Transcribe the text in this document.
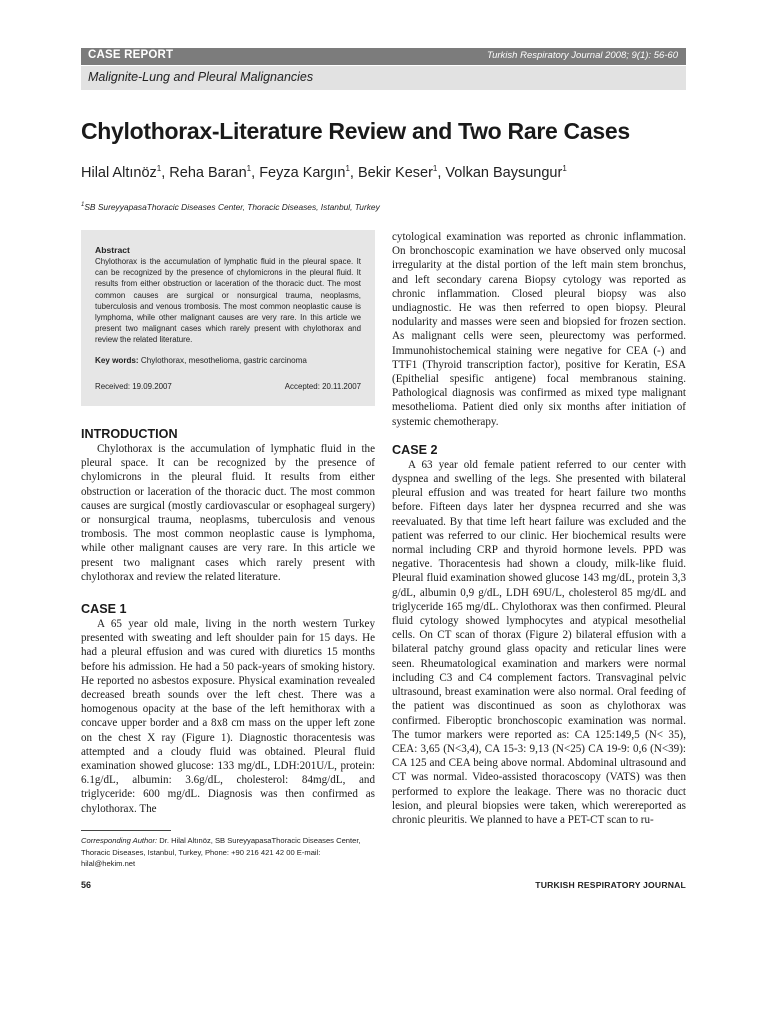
CASE REPORT	Turkish Respiratory Journal 2008; 9(1): 56-60
Malignite-Lung and Pleural Malignancies
Chylothorax-Literature Review and Two Rare Cases
Hilal Altınöz$^1$, Reha Baran$^1$, Feyza Kargın$^1$, Bekir Keser$^1$, Volkan Baysungur$^1$
$^1$SB SureyyapasaThoracic Diseases Center, Thoracic Diseases, Istanbul, Turkey
Abstract
Chylothorax is the accumulation of lymphatic fluid in the pleural space. It can be recognized by the presence of chylomicrons in the pleural fluid. It results from either obstruction or laceration of the thoracic duct. The most common causes are surgical or nonsurgical trauma, neoplasms, tuberculosis and venous trombosis. The most common neoplastic cause is lymphoma, while other malignant causes are very rare. In this article we present two malignant cases which rarely present with chylothorax and review the related literature.
Key words: Chylothorax, mesothelioma, gastric carcinoma
Received: 19.09.2007	Accepted: 20.11.2007
INTRODUCTION

Chylothorax is the accumulation of lymphatic fluid in the pleural space. It can be recognized by the presence of chylomicrons in the pleural fluid. It results from either obstruction or laceration of the thoracic duct. The most common causes are surgical (mostly cardiovascular or esophageal surgery) or nonsurgical trauma, neoplasms, tuberculosis and venous trombosis. The most common neoplastic cause is lymphoma, while other malignant causes are very rare. In this article we present two malignant cases which rarely present with chylothorax and review the related literature.

CASE 1

A 65 year old male, living in the north western Turkey presented with sweating and left shoulder pain for 15 days. He had a pleural effusion and was cured with diuretics 15 months before his admission. He had a 50 pack-years of smoking history. He reported no asbestos exposure. Physical examination revealed decreased breath sounds over the left chest. There was a homogenous opacity at the base of the left hemithorax with a concave upper border and a 8x8 cm mass on the upper left zone on the chest X ray (Figure 1). Diagnostic thoracentesis was attempted and a cloudy fluid was obtained. Pleural fluid examination showed glucose: 133 mg/dL, LDH:201U/L, protein: 6.1g/dL, albumin: 3.6g/dL, cholesterol: 84mg/dL, and triglyceride: 600 mg/dL. Diagnosis was then confirmed as chylothorax. The

cytological examination was reported as chronic inflammation. On bronchoscopic examination we have observed only mucosal irregularity at the distal portion of the left main stem bronchus, and left secondary carena Biopsy cytology was reported as chronic inflammation. Closed pleural biopsy was also undiagnostic. He was then referred to open biopsy. Pleural nodularity and masses were seen and biopsied for frozen section. As malignant cells were seen, pleurectomy was performed. Immunohistochemical staining were negative for CEA (-) and TTF1 (Thyroid transcription factor), positive for Keratin, ESA (Epithelial spesific antigene) focal membranous staining. Pathological diagnosis was confirmed as mixed type malignant mesothelioma. Patient died only six months after initiation of systemic chemotherapy.

CASE 2

A 63 year old female patient referred to our center with dyspnea and swelling of the legs. She presented with bilateral pleural effusion and was treated for heart failure two months before. Fifteen days later her dyspnea recurred and she was reevaluated. By that time left heart failure was excluded and the patient was referred to our clinic. Her biochemical results were normal including CRP and thyroid hormone levels. PPD was negative. Thoracentesis had shown a cloudy, milk-like fluid. Pleural fluid examination showed glucose 143 mg/dL, protein 3,3 g/dL, albumin 0,9 g/dL, LDH 69U/L, cholesterol 85 mg/dL and triglyceride 165 mg/dL. Chylothorax was then confirmed. Pleural fluid cytology showed lymphocytes and atypical mesothelial cells. On CT scan of thorax (Figure 2) bilateral effusion with a bilateral patchy ground glass opacity and reticular lines were seen. Rheumatological examination and markers were normal including C3 and C4 complement factors. Transvaginal pelvic ultrasound, breast examination were also normal. Oral feeding of the patient was discontinued as soon as chylothorax was confirmed. Fiberoptic bronchoscopic examination was normal. The tumor markers were reported as: CA 125:149,5 (N< 35), CEA: 3,65 (N<3,4), CA 15-3: 9,13 (N<25) CA 19-9: 0,6 (N<39): CA 125 and CEA being above normal. Abdominal ultrasound and CT was normal. Video-assisted thoracoscopy (VATS) was then performed to explore the leakage. There was no thoracic duct lesion, and pleural biopsies were taken, which werereported as chronic pleuritis. We planned to have a PET-CT scan to ru-

Corresponding Author: Dr. Hilal Altınöz, SB SureyyapasaThoracic Diseases Center, Thoracic Diseases, Istanbul, Turkey, Phone: +90 216 421 42 00 E-mail: hilal@hekim.net
56	TURKISH RESPIRATORY JOURNAL
